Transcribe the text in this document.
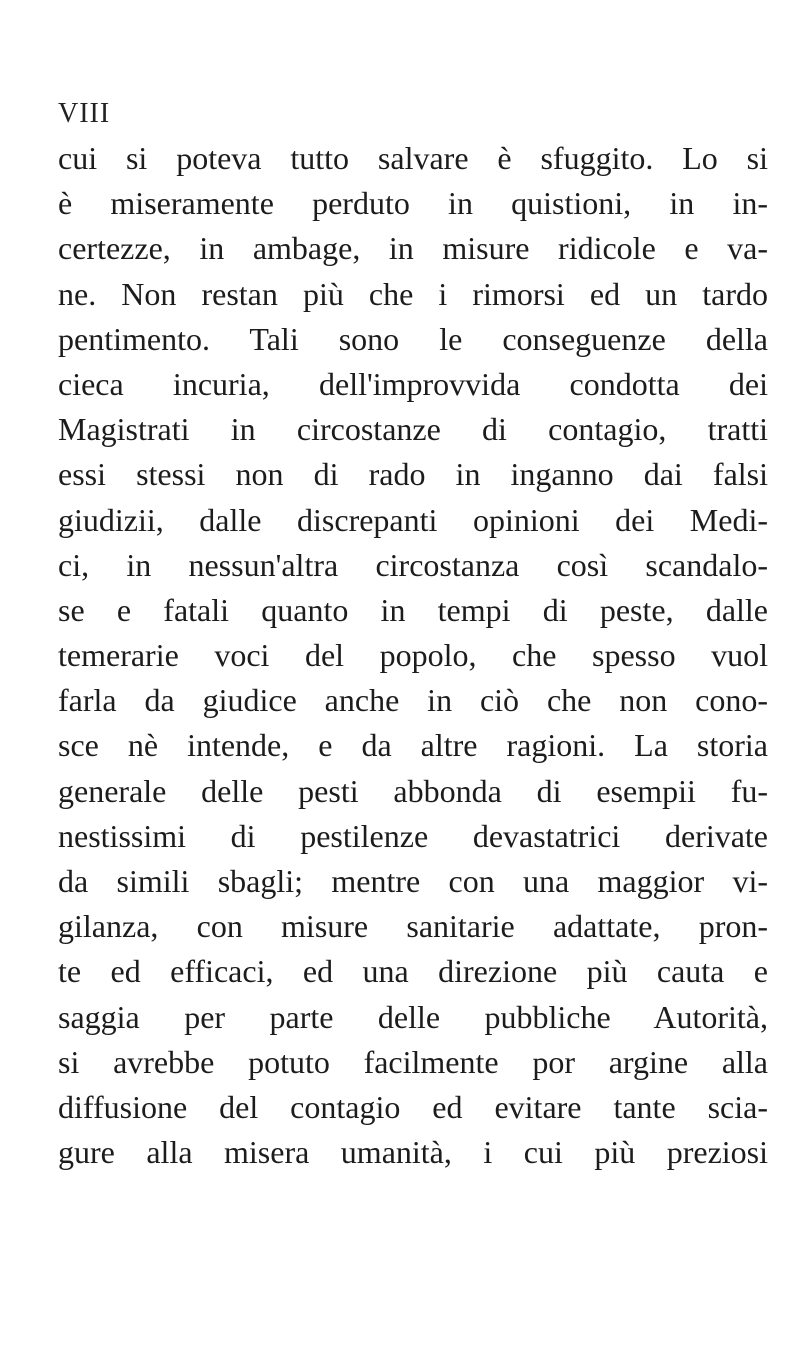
VIII
cui si poteva tutto salvare è sfuggito. Lo si
è miseramente perduto in quistioni, in in-
certezze, in ambage, in misure ridicole e va-
ne. Non restan più che i rimorsi ed un tardo
pentimento. Tali sono le conseguenze della
cieca incuria, dell'improvvida condotta dei
Magistrati in circostanze di contagio, tratti
essi stessi non di rado in inganno dai falsi
giudizii, dalle discrepanti opinioni dei Medi-
ci, in nessun'altra circostanza così scandalo-
se e fatali quanto in tempi di peste, dalle
temerarie voci del popolo, che spesso vuol
farla da giudice anche in ciò che non cono-
sce nè intende, e da altre ragioni. La storia
generale delle pesti abbonda di esempii fu-
nestissimi di pestilenze devastatrici derivate
da simili sbagli; mentre con una maggior vi-
gilanza, con misure sanitarie adattate, pron-
te ed efficaci, ed una direzione più cauta e
saggia per parte delle pubbliche Autorità,
si avrebbe potuto facilmente por argine alla
diffusione del contagio ed evitare tante scia-
gure alla misera umanità, i cui più preziosi
